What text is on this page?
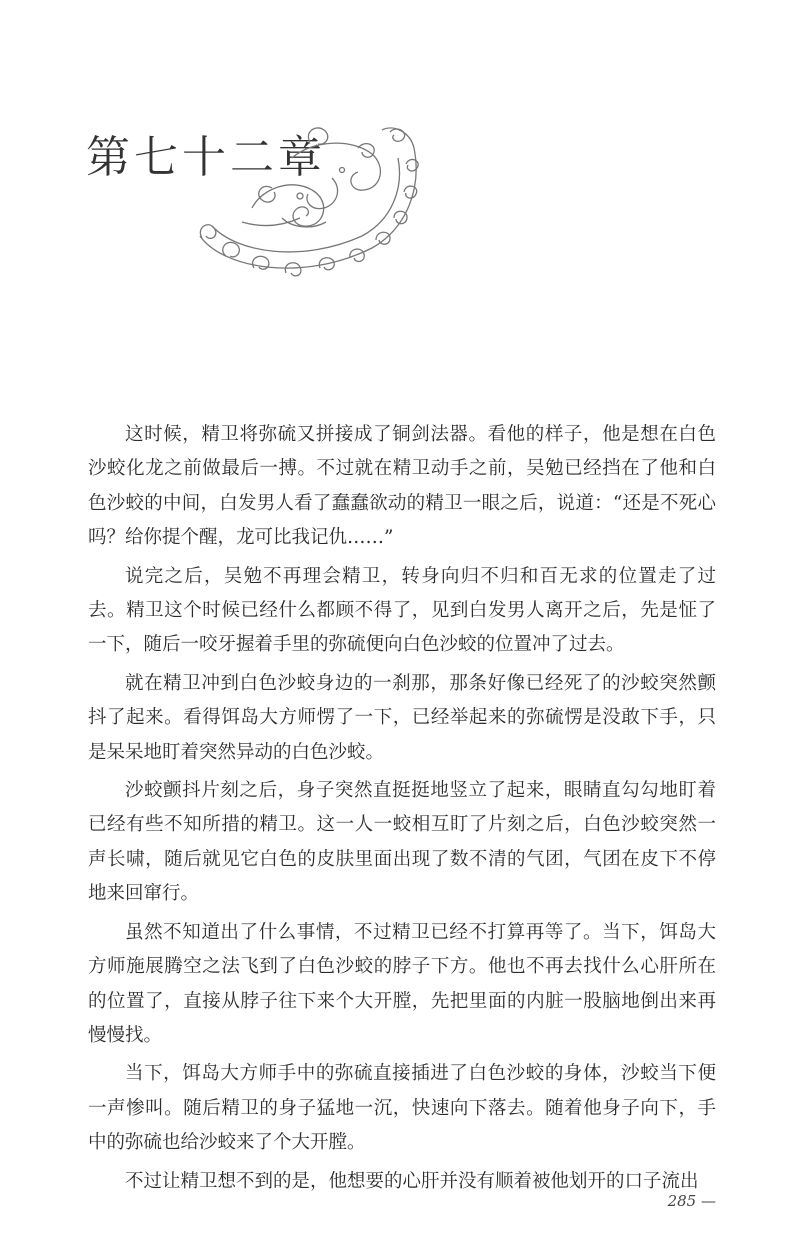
第七十二章

这时候，精卫将弥硫又拼接成了铜剑法器。看他的样子，他是想在白色沙蛟化龙之前做最后一搏。不过就在精卫动手之前，吴勉已经挡在了他和白色沙蛟的中间，白发男人看了蠢蠢欲动的精卫一眼之后，说道：“还是不死心吗？给你提个醒，龙可比我记仇……”

说完之后，吴勉不再理会精卫，转身向归不归和百无求的位置走了过去。精卫这个时候已经什么都顾不得了，见到白发男人离开之后，先是怔了一下，随后一咬牙握着手里的弥硫便向白色沙蛟的位置冲了过去。

就在精卫冲到白色沙蛟身边的一刹那，那条好像已经死了的沙蛟突然颤抖了起来。看得饵岛大方师愣了一下，已经举起来的弥硫愣是没敢下手，只是呆呆地盯着突然异动的白色沙蛟。

沙蛟颤抖片刻之后，身子突然直挺挺地竖立了起来，眼睛直勾勾地盯着已经有些不知所措的精卫。这一人一蛟相互盯了片刻之后，白色沙蛟突然一声长啸，随后就见它白色的皮肤里面出现了数不清的气团，气团在皮下不停地来回窜行。

虽然不知道出了什么事情，不过精卫已经不打算再等了。当下，饵岛大方师施展腾空之法飞到了白色沙蛟的脖子下方。他也不再去找什么心肝所在的位置了，直接从脖子往下来个大开膛，先把里面的内脏一股脑地倒出来再慢慢找。

当下，饵岛大方师手中的弥硫直接插进了白色沙蛟的身体，沙蛟当下便一声惨叫。随后精卫的身子猛地一沉，快速向下落去。随着他身子向下，手中的弥硫也给沙蛟来了个大开膛。

不过让精卫想不到的是，他想要的心肝并没有顺着被他划开的口子流出

285 —
